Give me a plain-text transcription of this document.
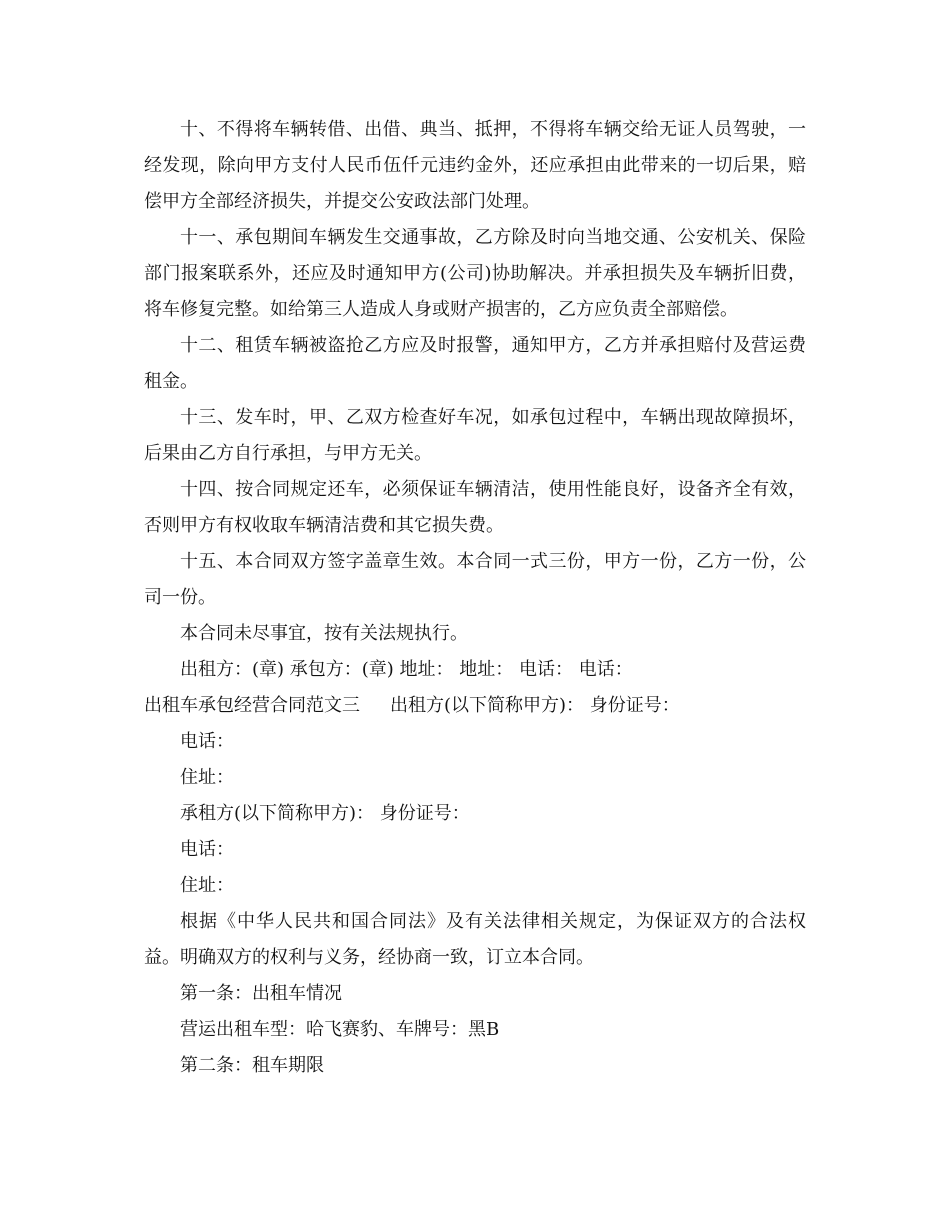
十、不得将车辆转借、出借、典当、抵押，不得将车辆交给无证人员驾驶，一经发现，除向甲方支付人民币伍仟元违约金外，还应承担由此带来的一切后果，赔偿甲方全部经济损失，并提交公安政法部门处理。

十一、承包期间车辆发生交通事故，乙方除及时向当地交通、公安机关、保险部门报案联系外，还应及时通知甲方(公司)协助解决。并承担损失及车辆折旧费，将车修复完整。如给第三人造成人身或财产损害的，乙方应负责全部赔偿。

十二、租赁车辆被盗抢乙方应及时报警，通知甲方，乙方并承担赔付及营运费租金。

十三、发车时，甲、乙双方检查好车况，如承包过程中，车辆出现故障损坏，后果由乙方自行承担，与甲方无关。

十四、按合同规定还车，必须保证车辆清洁，使用性能良好，设备齐全有效，否则甲方有权收取车辆清洁费和其它损失费。

十五、本合同双方签字盖章生效。本合同一式三份，甲方一份，乙方一份，公司一份。

本合同未尽事宜，按有关法规执行。

出租方：(章) 承包方：(章) 地址： 地址： 电话： 电话：

出租车承包经营合同范文三 出租方(以下简称甲方)： 身份证号：
电话：
住址：
承租方(以下简称甲方)： 身份证号：
电话：
住址：

根据《中华人民共和国合同法》及有关法律相关规定，为保证双方的合法权益。明确双方的权利与义务，经协商一致，订立本合同。

第一条：出租车情况
营运出租车型：哈飞赛豹、车牌号：黑B
第二条：租车期限
